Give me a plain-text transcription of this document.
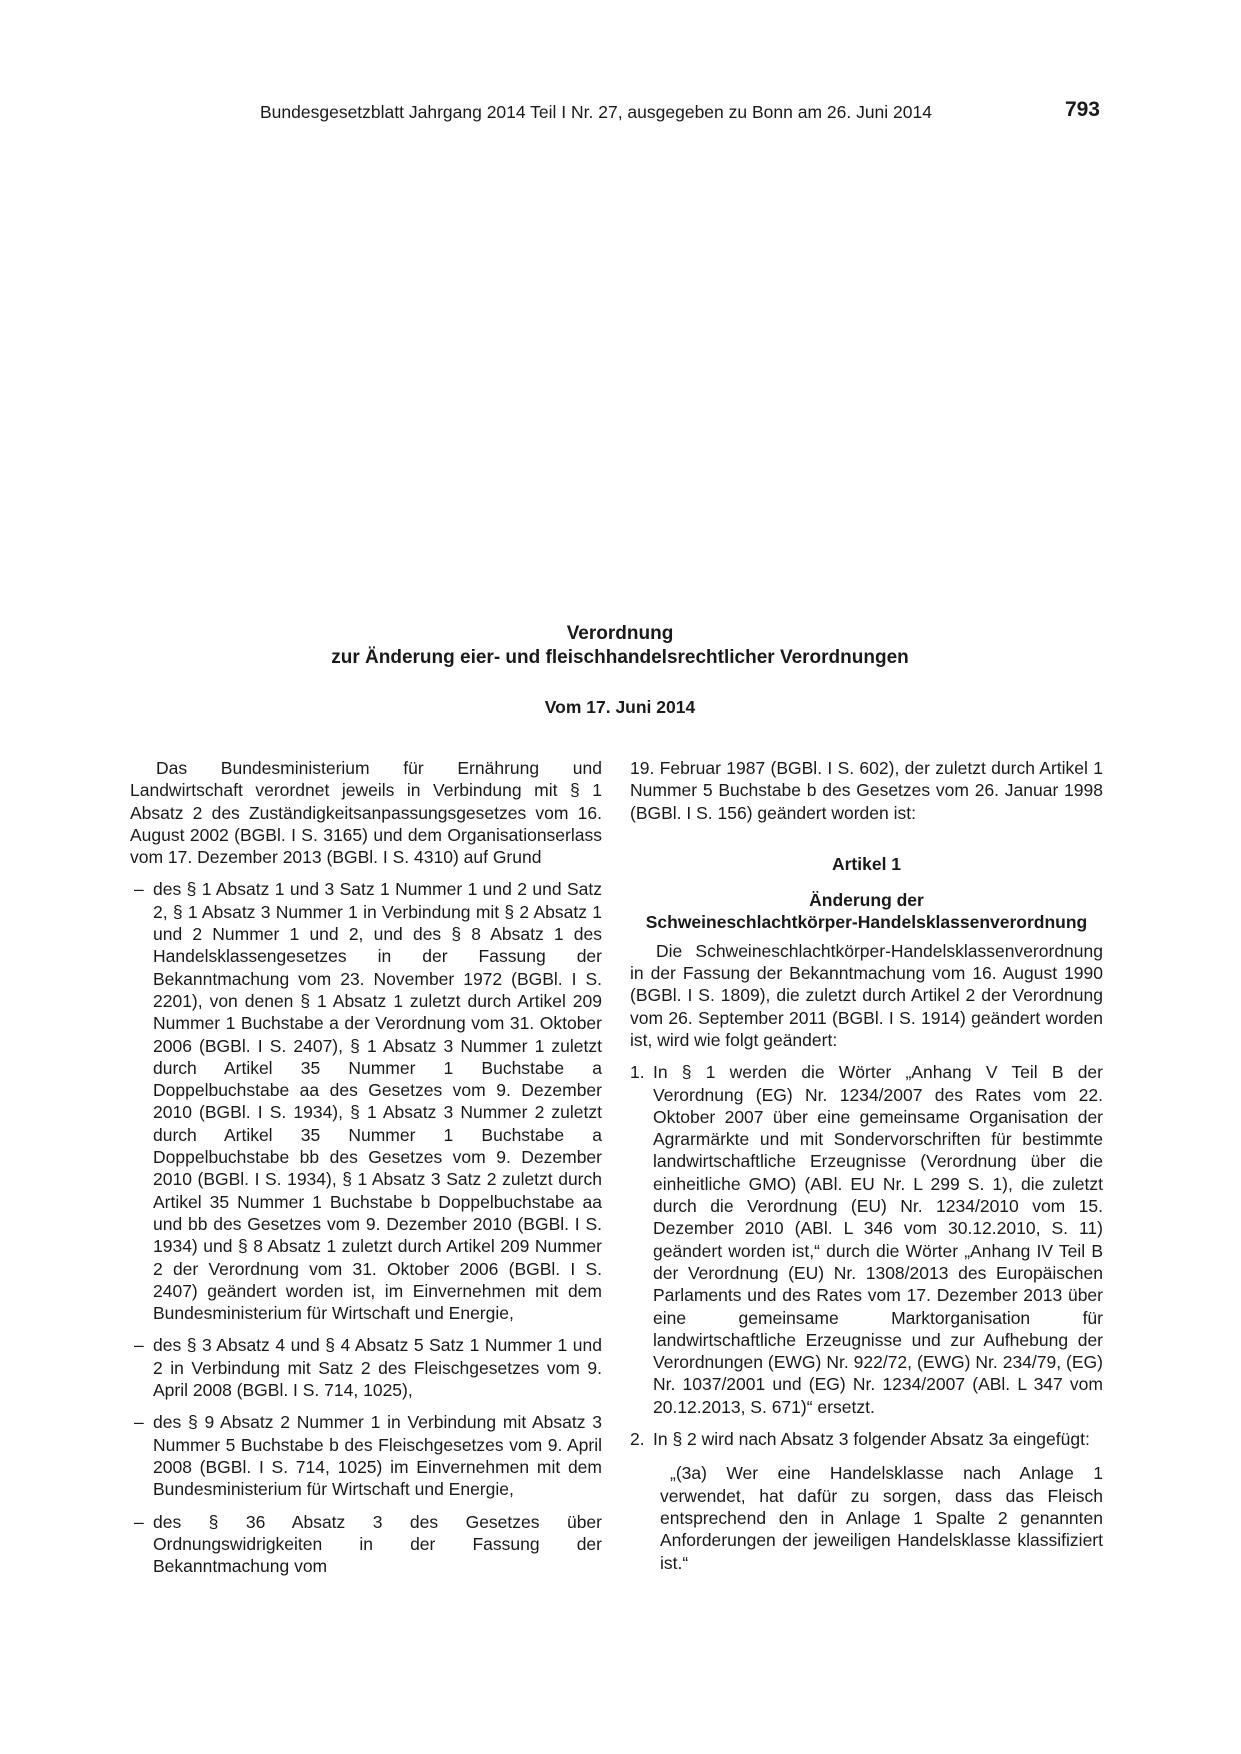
Bundesgesetzblatt Jahrgang 2014 Teil I Nr. 27, ausgegeben zu Bonn am 26. Juni 2014	793

Verordnung

zur Änderung eier- und fleischhandelsrechtlicher Verordnungen

Vom 17. Juni 2014

Das Bundesministerium für Ernährung und Landwirtschaft verordnet jeweils in Verbindung mit § 1 Absatz 2 des Zuständigkeitsanpassungsgesetzes vom 16. August 2002 (BGBl. I S. 3165) und dem Organisationserlass vom 17. Dezember 2013 (BGBl. I S. 4310) auf Grund

– des § 1 Absatz 1 und 3 Satz 1 Nummer 1 und 2 und Satz 2, § 1 Absatz 3 Nummer 1 in Verbindung mit § 2 Absatz 1 und 2 Nummer 1 und 2, und des § 8 Absatz 1 des Handelsklassengesetzes in der Fassung der Bekanntmachung vom 23. November 1972 (BGBl. I S. 2201), von denen § 1 Absatz 1 zuletzt durch Artikel 209 Nummer 1 Buchstabe a der Verordnung vom 31. Oktober 2006 (BGBl. I S. 2407), § 1 Absatz 3 Nummer 1 zuletzt durch Artikel 35 Nummer 1 Buchstabe a Doppelbuchstabe aa des Gesetzes vom 9. Dezember 2010 (BGBl. I S. 1934), § 1 Absatz 3 Nummer 2 zuletzt durch Artikel 35 Nummer 1 Buchstabe a Doppelbuchstabe bb des Gesetzes vom 9. Dezember 2010 (BGBl. I S. 1934), § 1 Absatz 3 Satz 2 zuletzt durch Artikel 35 Nummer 1 Buchstabe b Doppelbuchstabe aa und bb des Gesetzes vom 9. Dezember 2010 (BGBl. I S. 1934) und § 8 Absatz 1 zuletzt durch Artikel 209 Nummer 2 der Verordnung vom 31. Oktober 2006 (BGBl. I S. 2407) geändert worden ist, im Einvernehmen mit dem Bundesministerium für Wirtschaft und Energie,

– des § 3 Absatz 4 und § 4 Absatz 5 Satz 1 Nummer 1 und 2 in Verbindung mit Satz 2 des Fleischgesetzes vom 9. April 2008 (BGBl. I S. 714, 1025),

– des § 9 Absatz 2 Nummer 1 in Verbindung mit Absatz 3 Nummer 5 Buchstabe b des Fleischgesetzes vom 9. April 2008 (BGBl. I S. 714, 1025) im Einvernehmen mit dem Bundesministerium für Wirtschaft und Energie,

– des § 36 Absatz 3 des Gesetzes über Ordnungswidrigkeiten in der Fassung der Bekanntmachung vom

19. Februar 1987 (BGBl. I S. 602), der zuletzt durch Artikel 1 Nummer 5 Buchstabe b des Gesetzes vom 26. Januar 1998 (BGBl. I S. 156) geändert worden ist:

Artikel 1

Änderung der

Schweineschlachtkörper-Handelsklassenverordnung

Die Schweineschlachtkörper-Handelsklassenverordnung in der Fassung der Bekanntmachung vom 16. August 1990 (BGBl. I S. 1809), die zuletzt durch Artikel 2 der Verordnung vom 26. September 2011 (BGBl. I S. 1914) geändert worden ist, wird wie folgt geändert:

1. In § 1 werden die Wörter „Anhang V Teil B der Verordnung (EG) Nr. 1234/2007 des Rates vom 22. Oktober 2007 über eine gemeinsame Organisation der Agrarmärkte und mit Sondervorschriften für bestimmte landwirtschaftliche Erzeugnisse (Verordnung über die einheitliche GMO) (ABl. EU Nr. L 299 S. 1), die zuletzt durch die Verordnung (EU) Nr. 1234/2010 vom 15. Dezember 2010 (ABl. L 346 vom 30.12.2010, S. 11) geändert worden ist,“ durch die Wörter „Anhang IV Teil B der Verordnung (EU) Nr. 1308/2013 des Europäischen Parlaments und des Rates vom 17. Dezember 2013 über eine gemeinsame Marktorganisation für landwirtschaftliche Erzeugnisse und zur Aufhebung der Verordnungen (EWG) Nr. 922/72, (EWG) Nr. 234/79, (EG) Nr. 1037/2001 und (EG) Nr. 1234/2007 (ABl. L 347 vom 20.12.2013, S. 671)“ ersetzt.

2. In § 2 wird nach Absatz 3 folgender Absatz 3a eingefügt:

„(3a) Wer eine Handelsklasse nach Anlage 1 verwendet, hat dafür zu sorgen, dass das Fleisch entsprechend den in Anlage 1 Spalte 2 genannten Anforderungen der jeweiligen Handelsklasse klassifiziert ist.“
